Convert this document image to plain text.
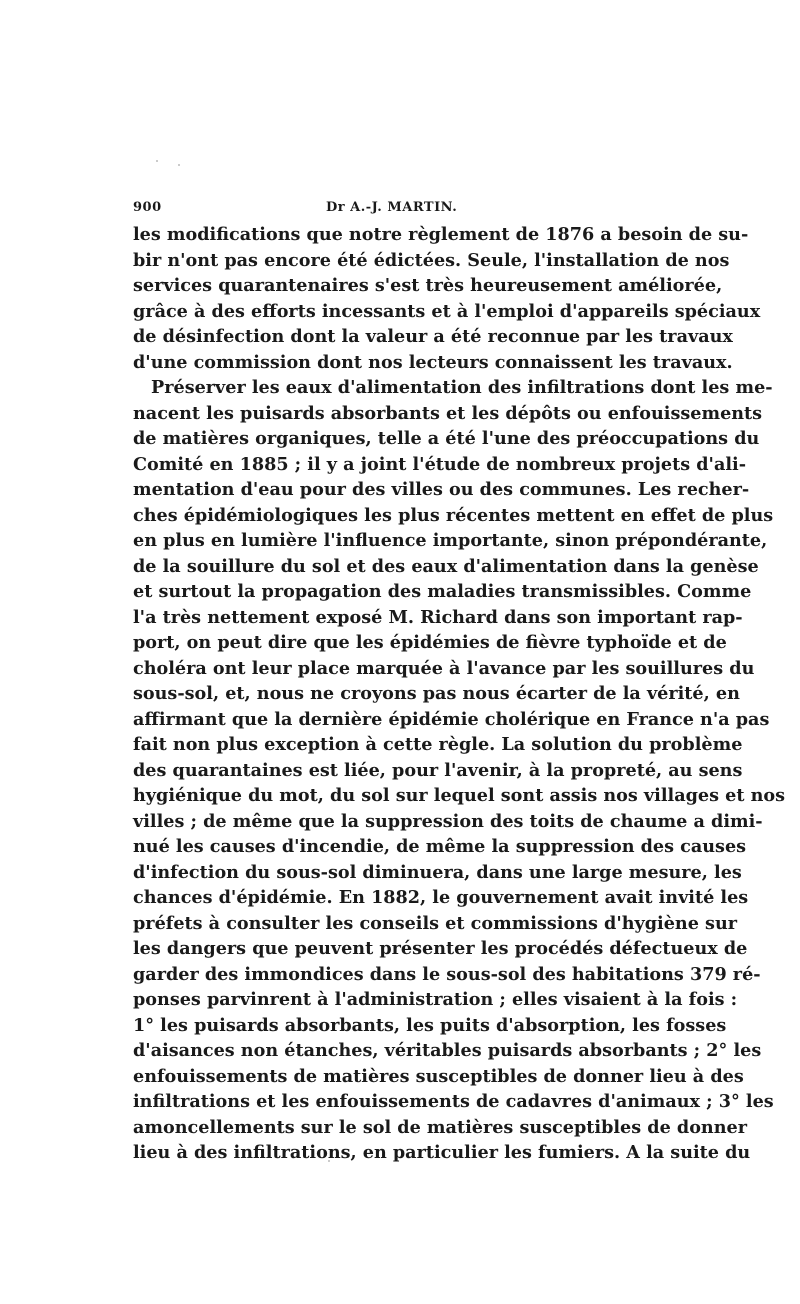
900	Dr A.-J. MARTIN.
les modifications que notre règlement de 1876 a besoin de su-
bir n'ont pas encore été édictées. Seule, l'installation de nos
services quarantenaires s'est très heureusement améliorée,
grâce à des efforts incessants et à l'emploi d'appareils spéciaux
de désinfection dont la valeur a été reconnue par les travaux
d'une commission dont nos lecteurs connaissent les travaux.
Préserver les eaux d'alimentation des infiltrations dont les me-
nacent les puisards absorbants et les dépôts ou enfouissements
de matières organiques, telle a été l'une des préoccupations du
Comité en 1885 ; il y a joint l'étude de nombreux projets d'ali-
mentation d'eau pour des villes ou des communes. Les recher-
ches épidémiologiques les plus récentes mettent en effet de plus
en plus en lumière l'influence importante, sinon prépondérante,
de la souillure du sol et des eaux d'alimentation dans la genèse
et surtout la propagation des maladies transmissibles. Comme
l'a très nettement exposé M. Richard dans son important rap-
port, on peut dire que les épidémies de fièvre typhoïde et de
choléra ont leur place marquée à l'avance par les souillures du
sous-sol, et, nous ne croyons pas nous écarter de la vérité, en
affirmant que la dernière épidémie cholérique en France n'a pas
fait non plus exception à cette règle. La solution du problème
des quarantaines est liée, pour l'avenir, à la propreté, au sens
hygiénique du mot, du sol sur lequel sont assis nos villages et nos
villes ; de même que la suppression des toits de chaume a dimi-
nué les causes d'incendie, de même la suppression des causes
d'infection du sous-sol diminuera, dans une large mesure, les
chances d'épidémie. En 1882, le gouvernement avait invité les
préfets à consulter les conseils et commissions d'hygiène sur
les dangers que peuvent présenter les procédés défectueux de
garder des immondices dans le sous-sol des habitations 379 ré-
ponses parvinrent à l'administration ; elles visaient à la fois :
1° les puisards absorbants, les puits d'absorption, les fosses
d'aisances non étanches, véritables puisards absorbants ; 2° les
enfouissements de matières susceptibles de donner lieu à des
infiltrations et les enfouissements de cadavres d'animaux ; 3° les
amoncellements sur le sol de matières susceptibles de donner
lieu à des infiltrations, en particulier les fumiers. A la suite du
